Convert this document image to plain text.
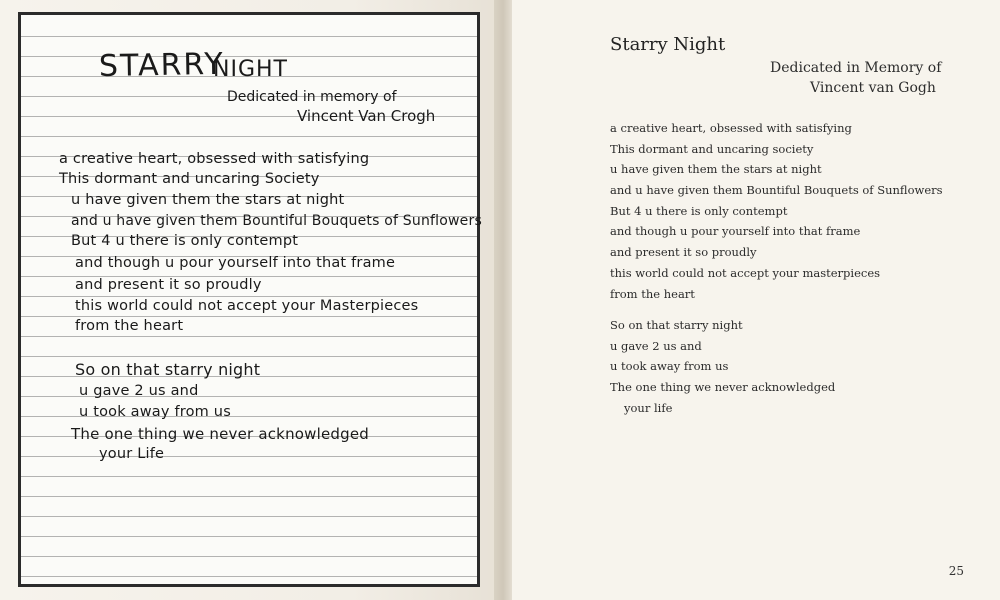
STARRY
NIGHT
Dedicated in memory of
Vincent Van Crogh
a creative heart, obsessed with satisfying
This dormant and uncaring Society
u have given them the stars at night
and u have given them Bountiful Bouquets of Sunflowers
But 4 u there is only contempt
and though u pour yourself into that frame
and present it so proudly
this world could not accept your Masterpieces
from the heart
So on that starry night
u gave 2 us and
u took away from us
The one thing we never acknowledged
your Life
Starry Night
Dedicated in Memory of
Vincent van Gogh
a creative heart, obsessed with satisfying
This dormant and uncaring society
u have given them the stars at night
and u have given them Bountiful Bouquets of Sunflowers
But 4 u there is only contempt
and though u pour yourself into that frame
and present it so proudly
this world could not accept your masterpieces
from the heart
So on that starry night
u gave 2 us and
u took away from us
The one thing we never acknowledged
your life
25
